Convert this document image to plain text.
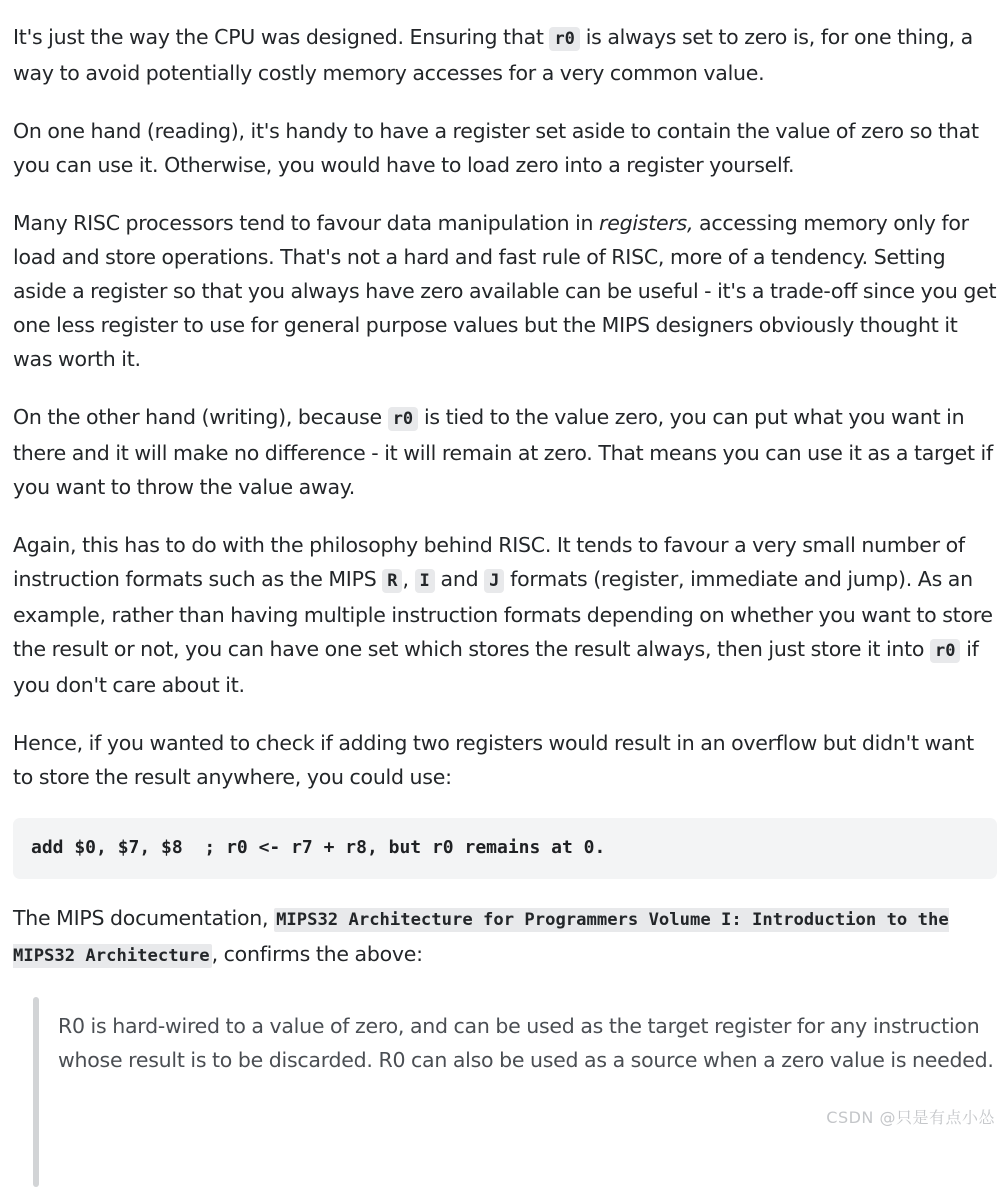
It's just the way the CPU was designed. Ensuring that r0 is always set to zero is, for one thing, a way to avoid potentially costly memory accesses for a very common value.

On one hand (reading), it's handy to have a register set aside to contain the value of zero so that you can use it. Otherwise, you would have to load zero into a register yourself.

Many RISC processors tend to favour data manipulation in registers, accessing memory only for load and store operations. That's not a hard and fast rule of RISC, more of a tendency. Setting aside a register so that you always have zero available can be useful - it's a trade-off since you get one less register to use for general purpose values but the MIPS designers obviously thought it was worth it.

On the other hand (writing), because r0 is tied to the value zero, you can put what you want in there and it will make no difference - it will remain at zero. That means you can use it as a target if you want to throw the value away.

Again, this has to do with the philosophy behind RISC. It tends to favour a very small number of instruction formats such as the MIPS R , I and J formats (register, immediate and jump). As an example, rather than having multiple instruction formats depending on whether you want to store the result or not, you can have one set which stores the result always, then just store it into r0 if you don't care about it.

Hence, if you wanted to check if adding two registers would result in an overflow but didn't want to store the result anywhere, you could use:

add $0, $7, $8  ; r0 <- r7 + r8, but r0 remains at 0.

The MIPS documentation, MIPS32 Architecture for Programmers Volume I: Introduction to the MIPS32 Architecture, confirms the above:

R0 is hard-wired to a value of zero, and can be used as the target register for any instruction whose result is to be discarded. R0 can also be used as a source when a zero value is needed.

CSDN @只是有点小怂
